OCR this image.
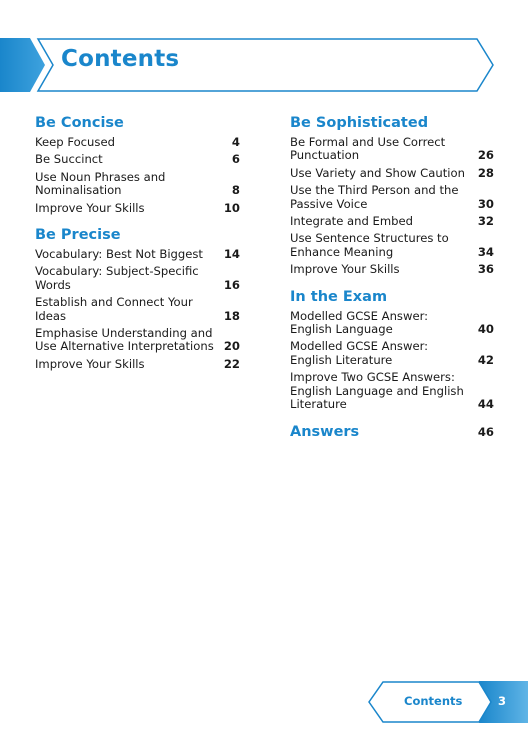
Contents
Be Concise
Keep Focused	4
Be Succinct	6
Use Noun Phrases and Nominalisation	8
Improve Your Skills	10
Be Precise
Vocabulary: Best Not Biggest	14
Vocabulary: Subject-Specific Words	16
Establish and Connect Your Ideas	18
Emphasise Understanding and Use Alternative Interpretations 20
Improve Your Skills	22
Be Sophisticated
Be Formal and Use Correct Punctuation	26
Use Variety and Show Caution	28
Use the Third Person and the Passive Voice	30
Integrate and Embed	32
Use Sentence Structures to Enhance Meaning	34
Improve Your Skills	36
In the Exam
Modelled GCSE Answer: English Language	40
Modelled GCSE Answer: English Literature	42
Improve Two GCSE Answers: English Language and English Literature	44
Answers	46
Contents	3
